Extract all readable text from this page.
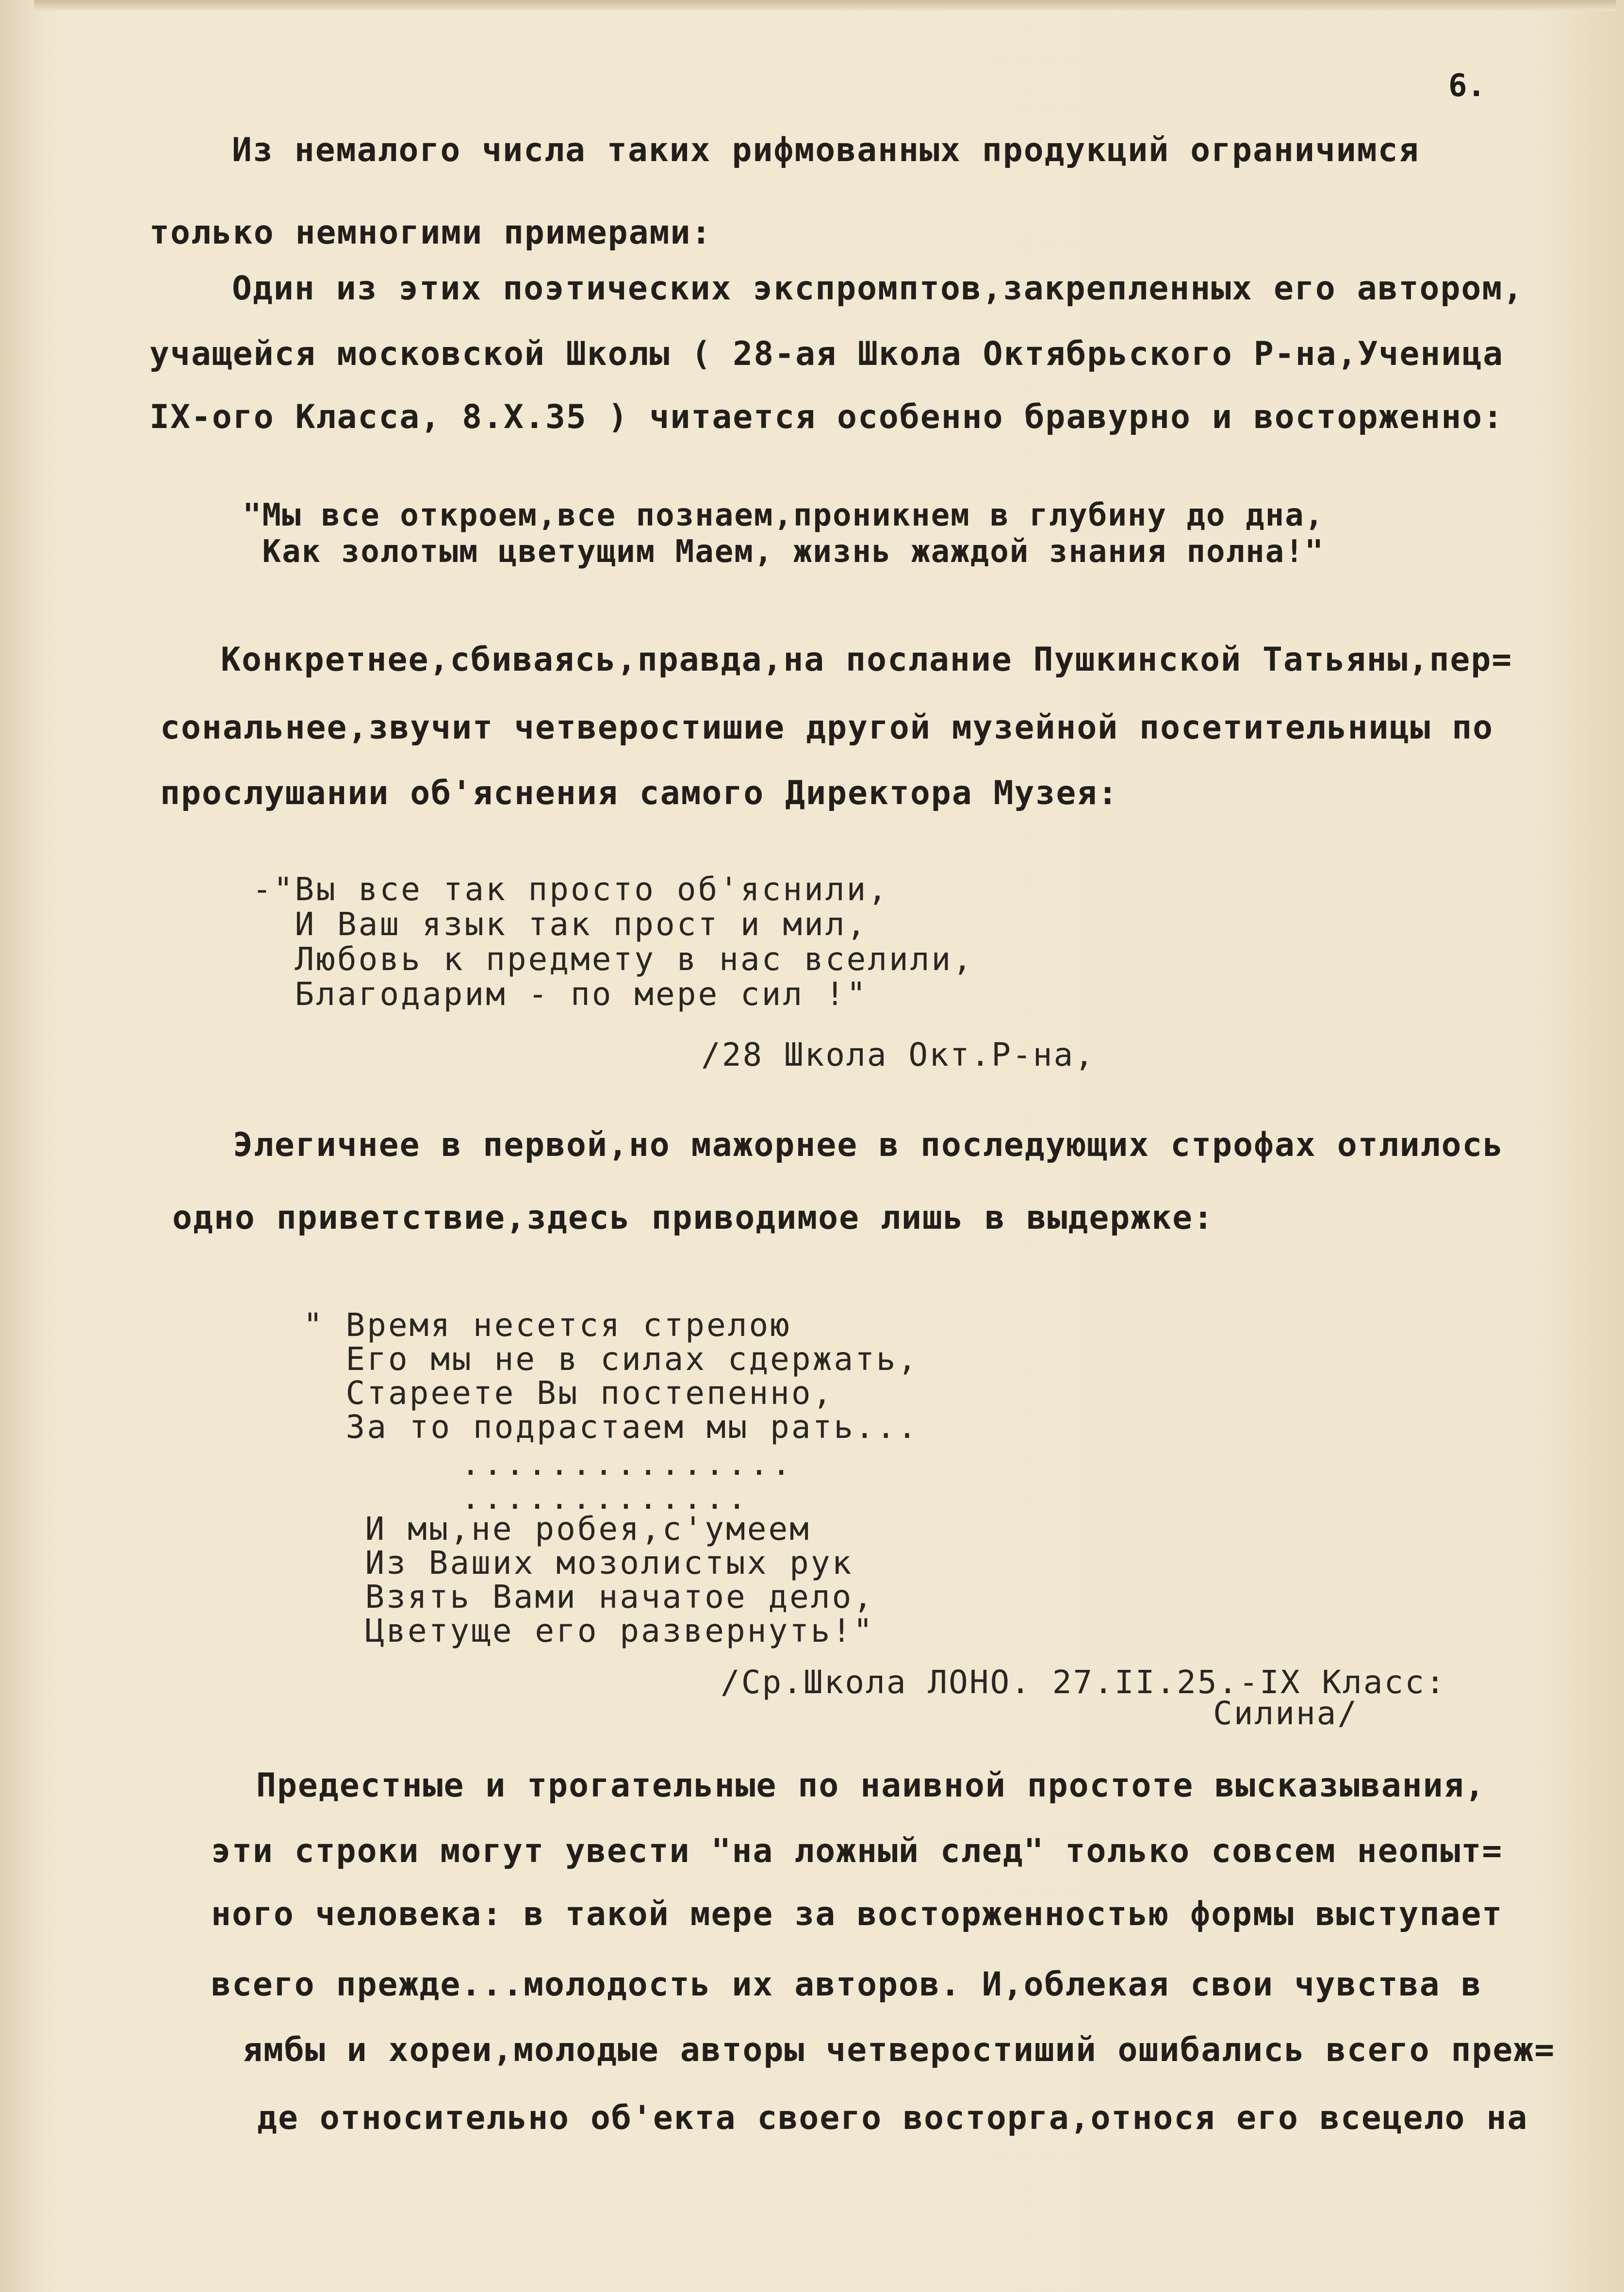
6.
Из немалого числа таких рифмованных продукций ограничимся
только немногими примерами:
Один из этих поэтических экспромптов,закрепленных его автором,
учащейся московской Школы ( 28-ая Школа Октябрьского Р-на,Ученица
IX-ого Класса, 8.X.35 ) читается особенно бравурно и восторженно:
"Мы все откроем,все познаем,проникнем в глубину до дна,
Как золотым цветущим Маем, жизнь жаждой знания полна!"
Конкретнее,сбиваясь,правда,на послание Пушкинской Татьяны,пер=
сональнее,звучит четверостишие другой музейной посетительницы по
прослушании об'яснения самого Директора Музея:
-"Вы все так просто об'яснили,
И Ваш язык так прост и мил,
Любовь к предмету в нас вселили,
Благодарим - по мере сил !"
/28 Школа Окт.Р-на,
Элегичнее в первой,но мажорнее в последующих строфах отлилось
одно приветствие,здесь приводимое лишь в выдержке:
" Время несется стрелою
Его мы не в силах сдержать,
Стареете Вы постепенно,
За то подрастаем мы рать...
...............
.............
И мы,не робея,с'умеем
Из Ваших мозолистых рук
Взять Вами начатое дело,
Цветуще его развернуть!"
/Ср.Школа ЛОНО. 27.II.25.-IX Класс:
Силина/
Предестные и трогательные по наивной простоте высказывания,
эти строки могут увести "на ложный след" только совсем неопыт=
ного человека: в такой мере за восторженностью формы выступает
всего прежде...молодость их авторов. И,облекая свои чувства в
ямбы и хореи,молодые авторы четверостиший ошибались всего преж=
де относительно об'екта своего восторга,относя его всецело на
